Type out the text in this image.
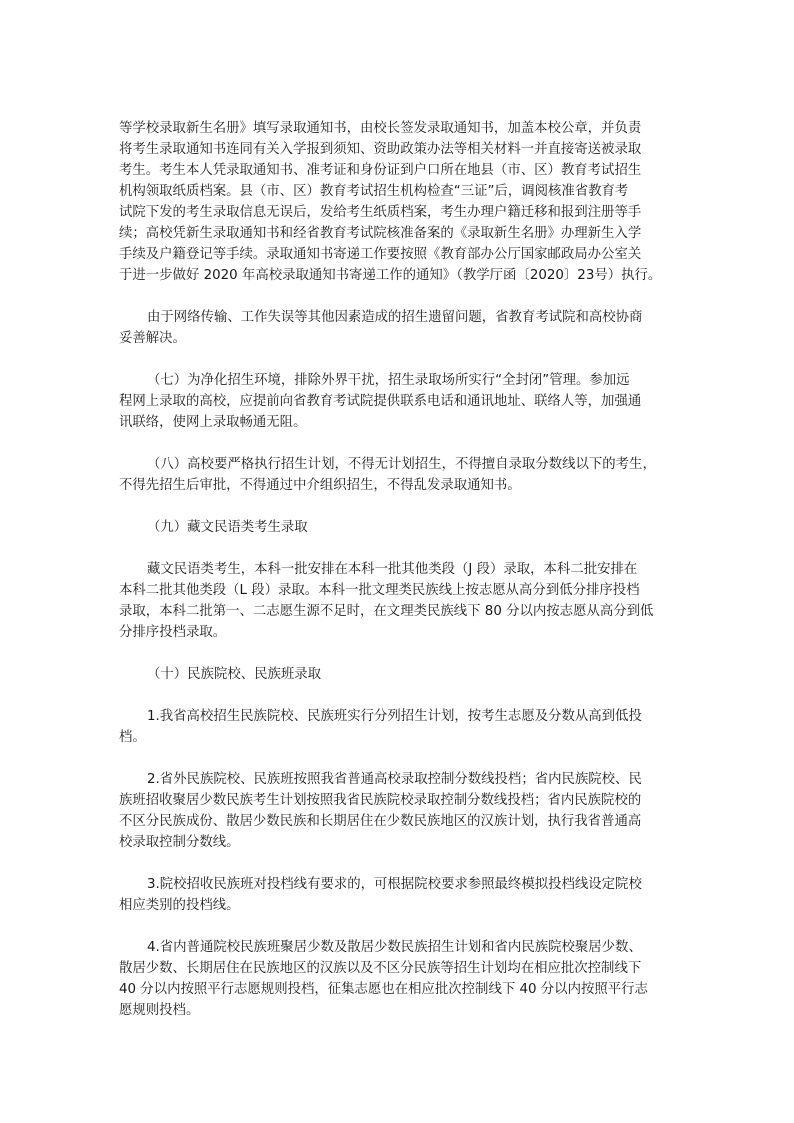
等学校录取新生名册》填写录取通知书，由校长签发录取通知书，加盖本校公章，并负责
将考生录取通知书连同有关入学报到须知、资助政策办法等相关材料一并直接寄送被录取
考生。考生本人凭录取通知书、准考证和身份证到户口所在地县（市、区）教育考试招生
机构领取纸质档案。县（市、区）教育考试招生机构检查“三证”后，调阅核准省教育考
试院下发的考生录取信息无误后，发给考生纸质档案，考生办理户籍迁移和报到注册等手
续；高校凭新生录取通知书和经省教育考试院核准备案的《录取新生名册》办理新生入学
手续及户籍登记等手续。录取通知书寄递工作要按照《教育部办公厅国家邮政局办公室关
于进一步做好 2020 年高校录取通知书寄递工作的通知》（教学厅函〔2020〕23号）执行。
由于网络传输、工作失误等其他因素造成的招生遗留问题，省教育考试院和高校协商
妥善解决。
（七）为净化招生环境，排除外界干扰，招生录取场所实行“全封闭”管理。参加远
程网上录取的高校，应提前向省教育考试院提供联系电话和通讯地址、联络人等，加强通
讯联络，使网上录取畅通无阻。
（八）高校要严格执行招生计划，不得无计划招生，不得擅自录取分数线以下的考生，
不得先招生后审批，不得通过中介组织招生，不得乱发录取通知书。
（九）藏文民语类考生录取
藏文民语类考生，本科一批安排在本科一批其他类段（J 段）录取，本科二批安排在
本科二批其他类段（L 段）录取。本科一批文理类民族线上按志愿从高分到低分排序投档
录取，本科二批第一、二志愿生源不足时，在文理类民族线下 80 分以内按志愿从高分到低
分排序投档录取。
（十）民族院校、民族班录取
1.我省高校招生民族院校、民族班实行分列招生计划，按考生志愿及分数从高到低投
档。
2.省外民族院校、民族班按照我省普通高校录取控制分数线投档；省内民族院校、民
族班招收聚居少数民族考生计划按照我省民族院校录取控制分数线投档；省内民族院校的
不区分民族成份、散居少数民族和长期居住在少数民族地区的汉族计划，执行我省普通高
校录取控制分数线。
3.院校招收民族班对投档线有要求的，可根据院校要求参照最终模拟投档线设定院校
相应类别的投档线。
4.省内普通院校民族班聚居少数及散居少数民族招生计划和省内民族院校聚居少数、
散居少数、长期居住在民族地区的汉族以及不区分民族等招生计划均在相应批次控制线下
40 分以内按照平行志愿规则投档，征集志愿也在相应批次控制线下 40 分以内按照平行志
愿规则投档。
